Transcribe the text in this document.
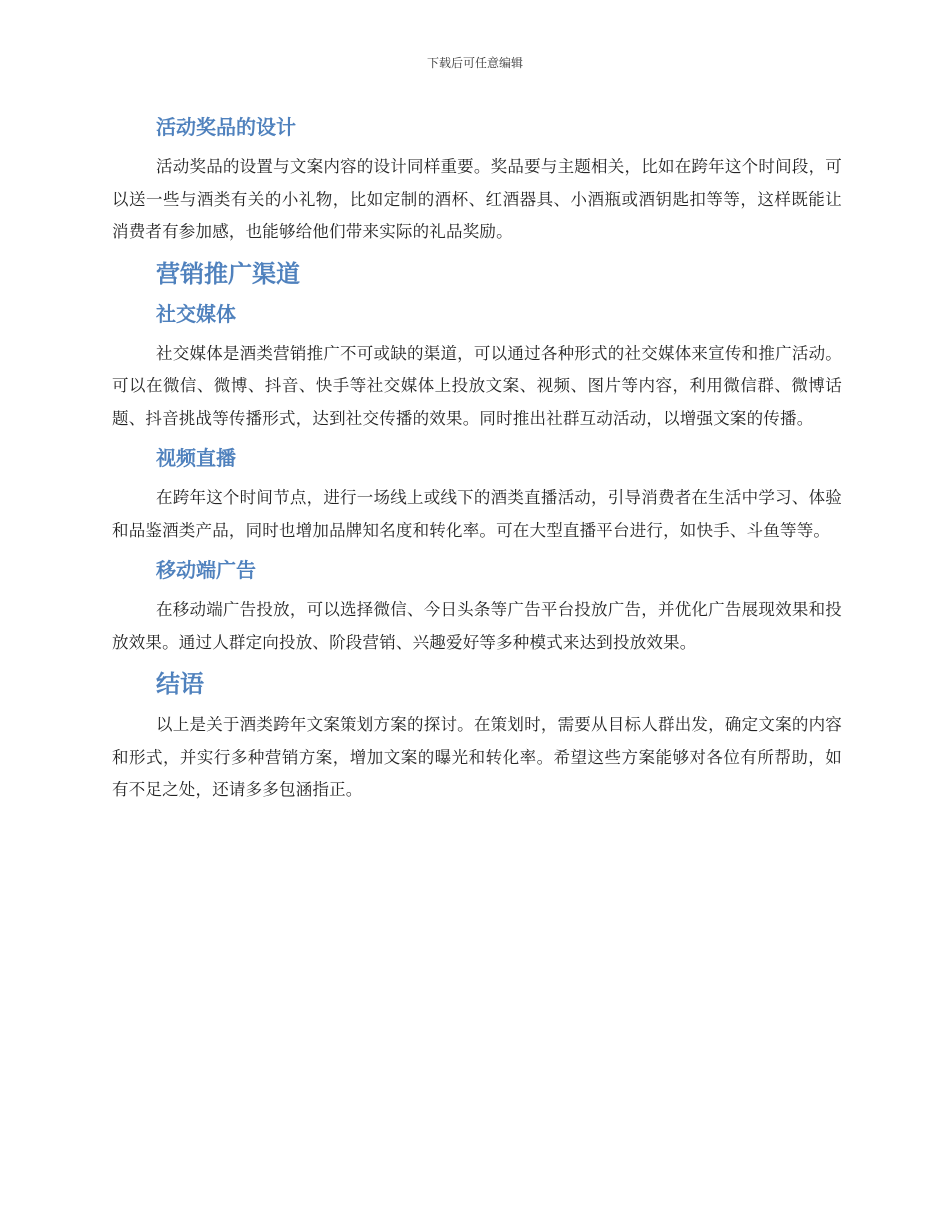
下载后可任意编辑
活动奖品的设计

活动奖品的设置与文案内容的设计同样重要。奖品要与主题相关，比如在跨年这个时间段，可以送一些与酒类有关的小礼物，比如定制的酒杯、红酒器具、小酒瓶或酒钥匙扣等等，这样既能让消费者有参加感，也能够给他们带来实际的礼品奖励。

营销推广渠道
社交媒体

社交媒体是酒类营销推广不可或缺的渠道，可以通过各种形式的社交媒体来宣传和推广活动。可以在微信、微博、抖音、快手等社交媒体上投放文案、视频、图片等内容，利用微信群、微博话题、抖音挑战等传播形式，达到社交传播的效果。同时推出社群互动活动，以增强文案的传播。

视频直播

在跨年这个时间节点，进行一场线上或线下的酒类直播活动，引导消费者在生活中学习、体验和品鉴酒类产品，同时也增加品牌知名度和转化率。可在大型直播平台进行，如快手、斗鱼等等。

移动端广告

在移动端广告投放，可以选择微信、今日头条等广告平台投放广告，并优化广告展现效果和投放效果。通过人群定向投放、阶段营销、兴趣爱好等多种模式来达到投放效果。

结语

以上是关于酒类跨年文案策划方案的探讨。在策划时，需要从目标人群出发，确定文案的内容和形式，并实行多种营销方案，增加文案的曝光和转化率。希望这些方案能够对各位有所帮助，如有不足之处，还请多多包涵指正。
